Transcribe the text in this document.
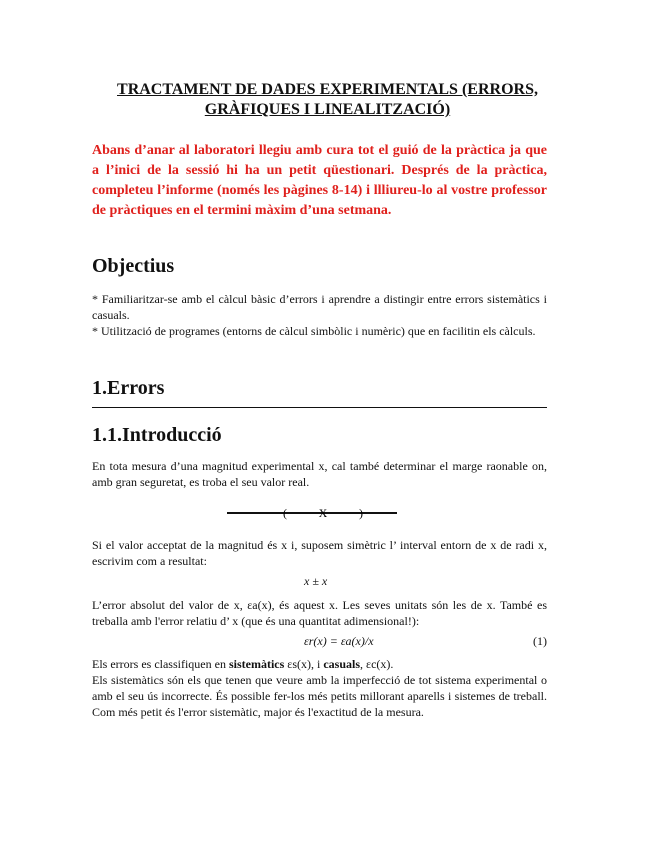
TRACTAMENT DE DADES EXPERIMENTALS (ERRORS,
GRÀFIQUES I LINEALITZACIÓ)
Abans d’anar al laboratori llegiu amb cura tot el guió de la pràctica ja que a l’inici de la sessió hi ha un petit qüestionari. Després de la pràctica, completeu l’informe (només les pàgines 8-14) i llliureu-lo al vostre professor de pràctiques en el termini màxim d’una setmana.
Objectius
* Familiaritzar-se amb el càlcul bàsic d’errors i aprendre a distingir entre errors sistemàtics i casuals.
* Utilització de programes (entorns de càlcul simbòlic i numèric) que en facilitin els càlculs.
1.Errors
1.1.Introducció
En tota mesura d’una magnitud experimental x, cal també determinar el marge raonable on, amb gran seguretat, es troba el seu valor real.
(	X	)
Si el valor acceptat de la magnitud és x i, suposem simètric l’ interval entorn de x de radi x, escrivim com a resultat:
x ± x
L’error absolut del valor de x, εa(x), és aquest x. Les seves unitats són les de x. També es treballa amb l'error relatiu d’ x (que és una quantitat adimensional!):
εr(x) = εa(x)/x	(1)
Els errors es classifiquen en sistemàtics εs(x), i casuals, εc(x).
Els sistemàtics són els que tenen que veure amb la imperfecció de tot sistema experimental o amb el seu ús incorrecte. És possible fer-los més petits millorant aparells i sistemes de treball. Com més petit és l'error sistemàtic, major és l'exactitud de la mesura.
